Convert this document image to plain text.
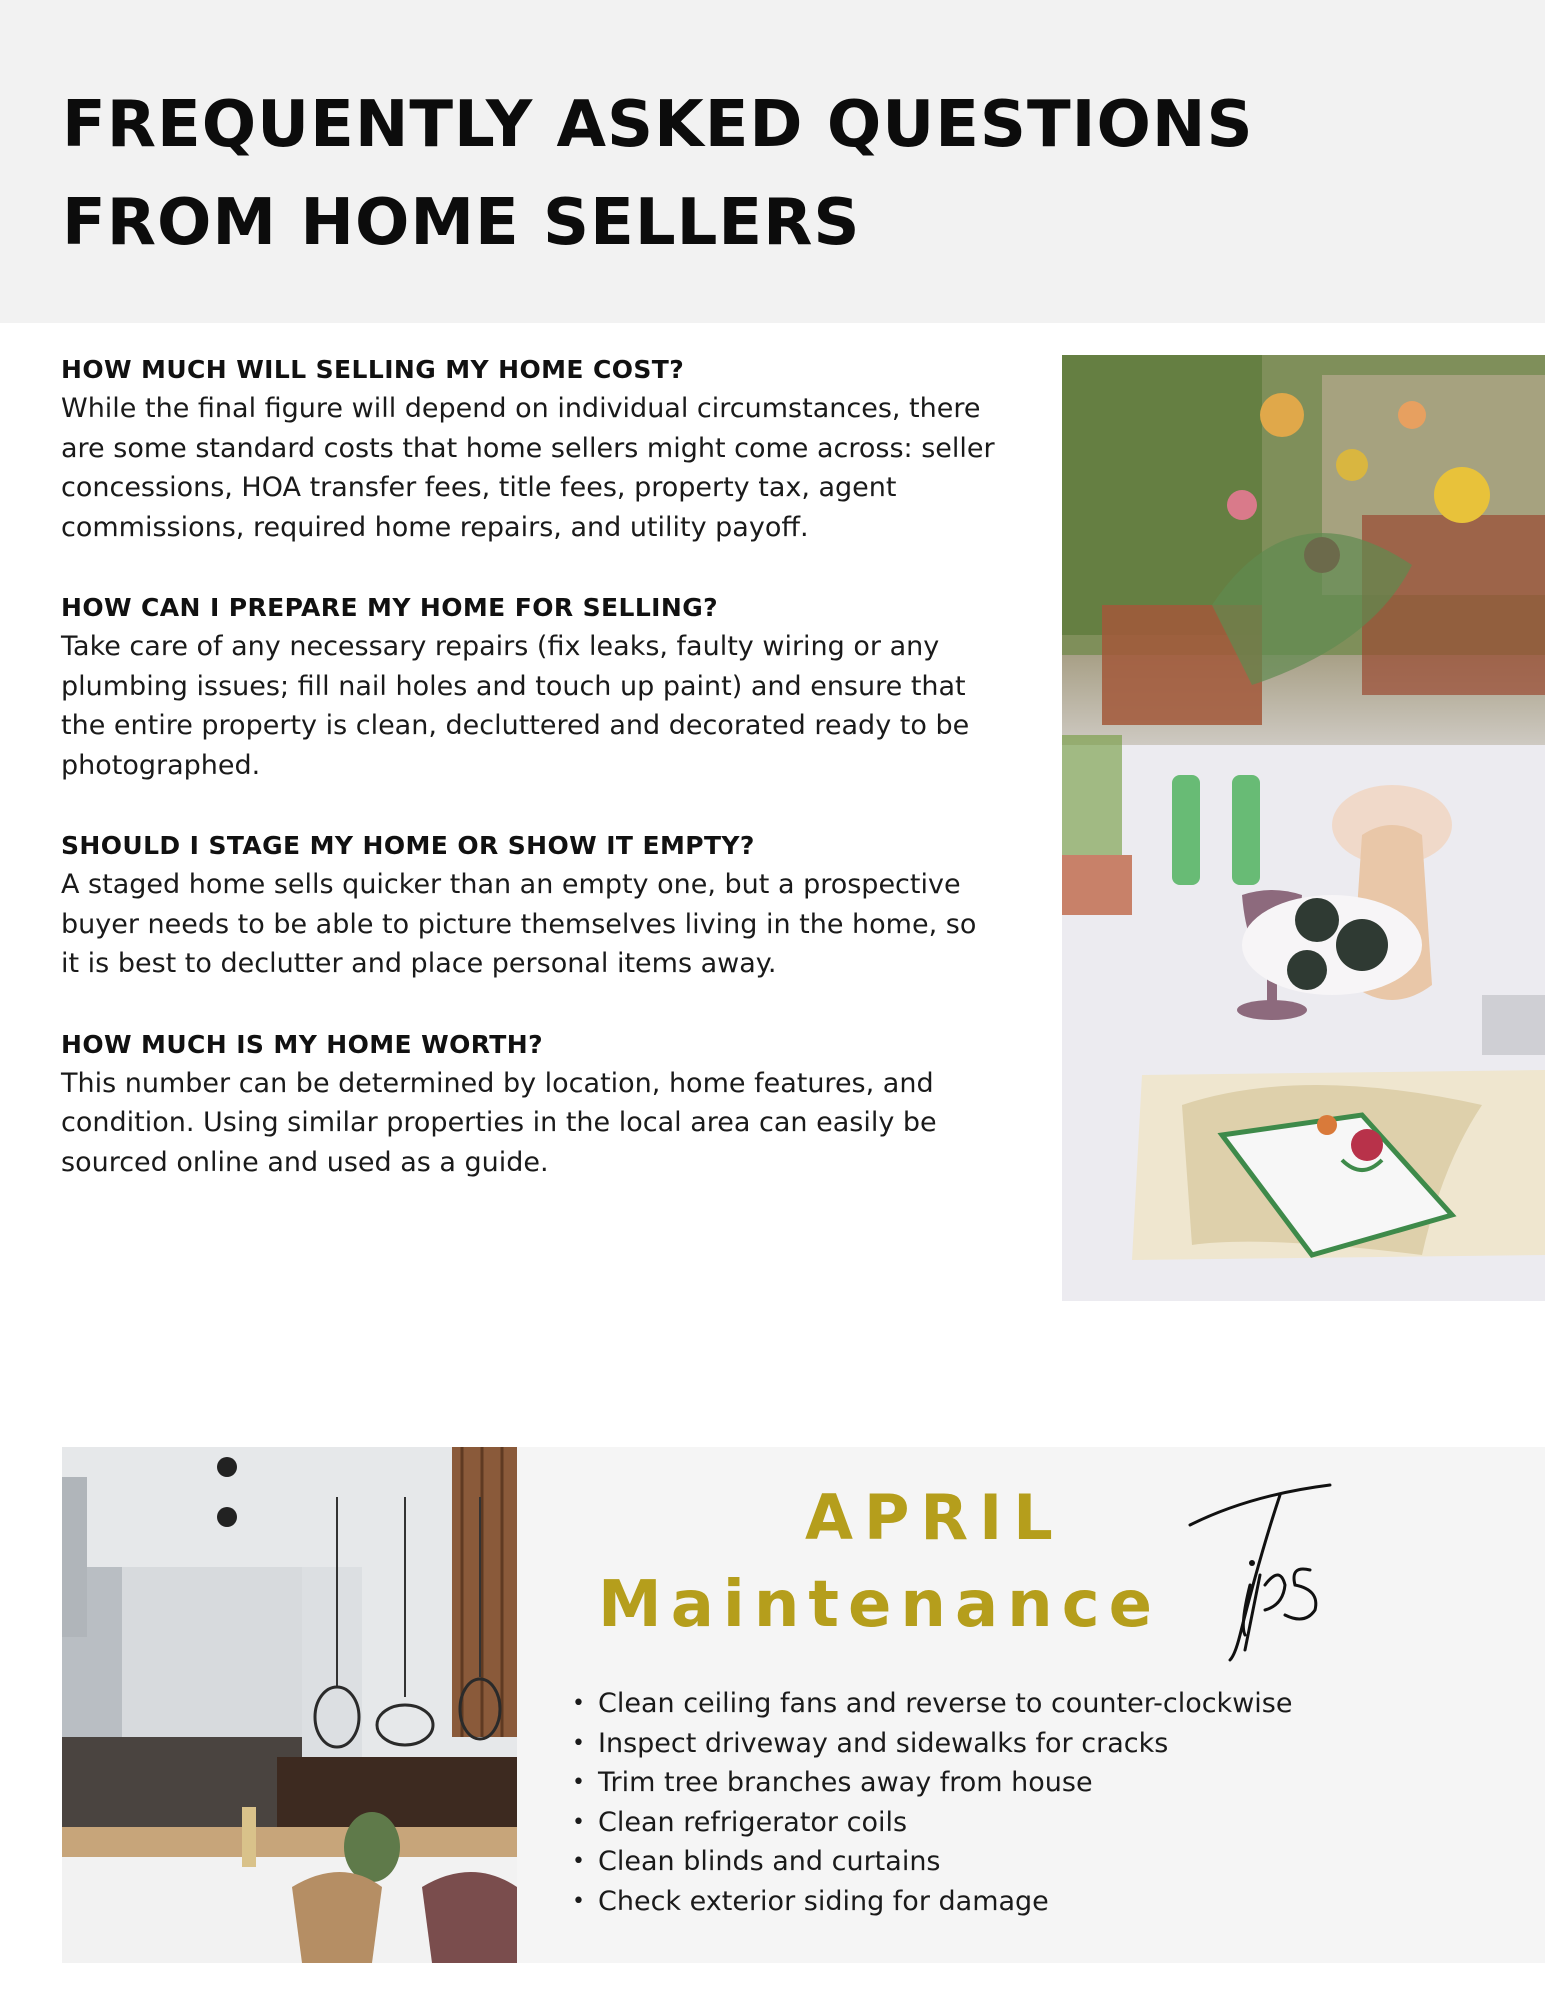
FREQUENTLY ASKED QUESTIONS
FROM HOME SELLERS

HOW MUCH WILL SELLING MY HOME COST?

While the final figure will depend on individual circumstances, there are some standard costs that home sellers might come across: seller concessions, HOA transfer fees, title fees, property tax, agent commissions, required home repairs, and utility payoff.

HOW CAN I PREPARE MY HOME FOR SELLING?

Take care of any necessary repairs (fix leaks, faulty wiring or any plumbing issues; fill nail holes and touch up paint) and ensure that the entire property is clean, decluttered and decorated ready to be photographed.

SHOULD I STAGE MY HOME OR SHOW IT EMPTY?

A staged home sells quicker than an empty one, but a prospective buyer needs to be able to picture themselves living in the home, so it is best to declutter and place personal items away.

HOW MUCH IS MY HOME WORTH?

This number can be determined by location, home features, and condition. Using similar properties in the local area can easily be sourced online and used as a guide.

APRIL
Maintenance
• Clean ceiling fans and reverse to counter-clockwise
• Inspect driveway and sidewalks for cracks
• Trim tree branches away from house
• Clean refrigerator coils
• Clean blinds and curtains
• Check exterior siding for damage
